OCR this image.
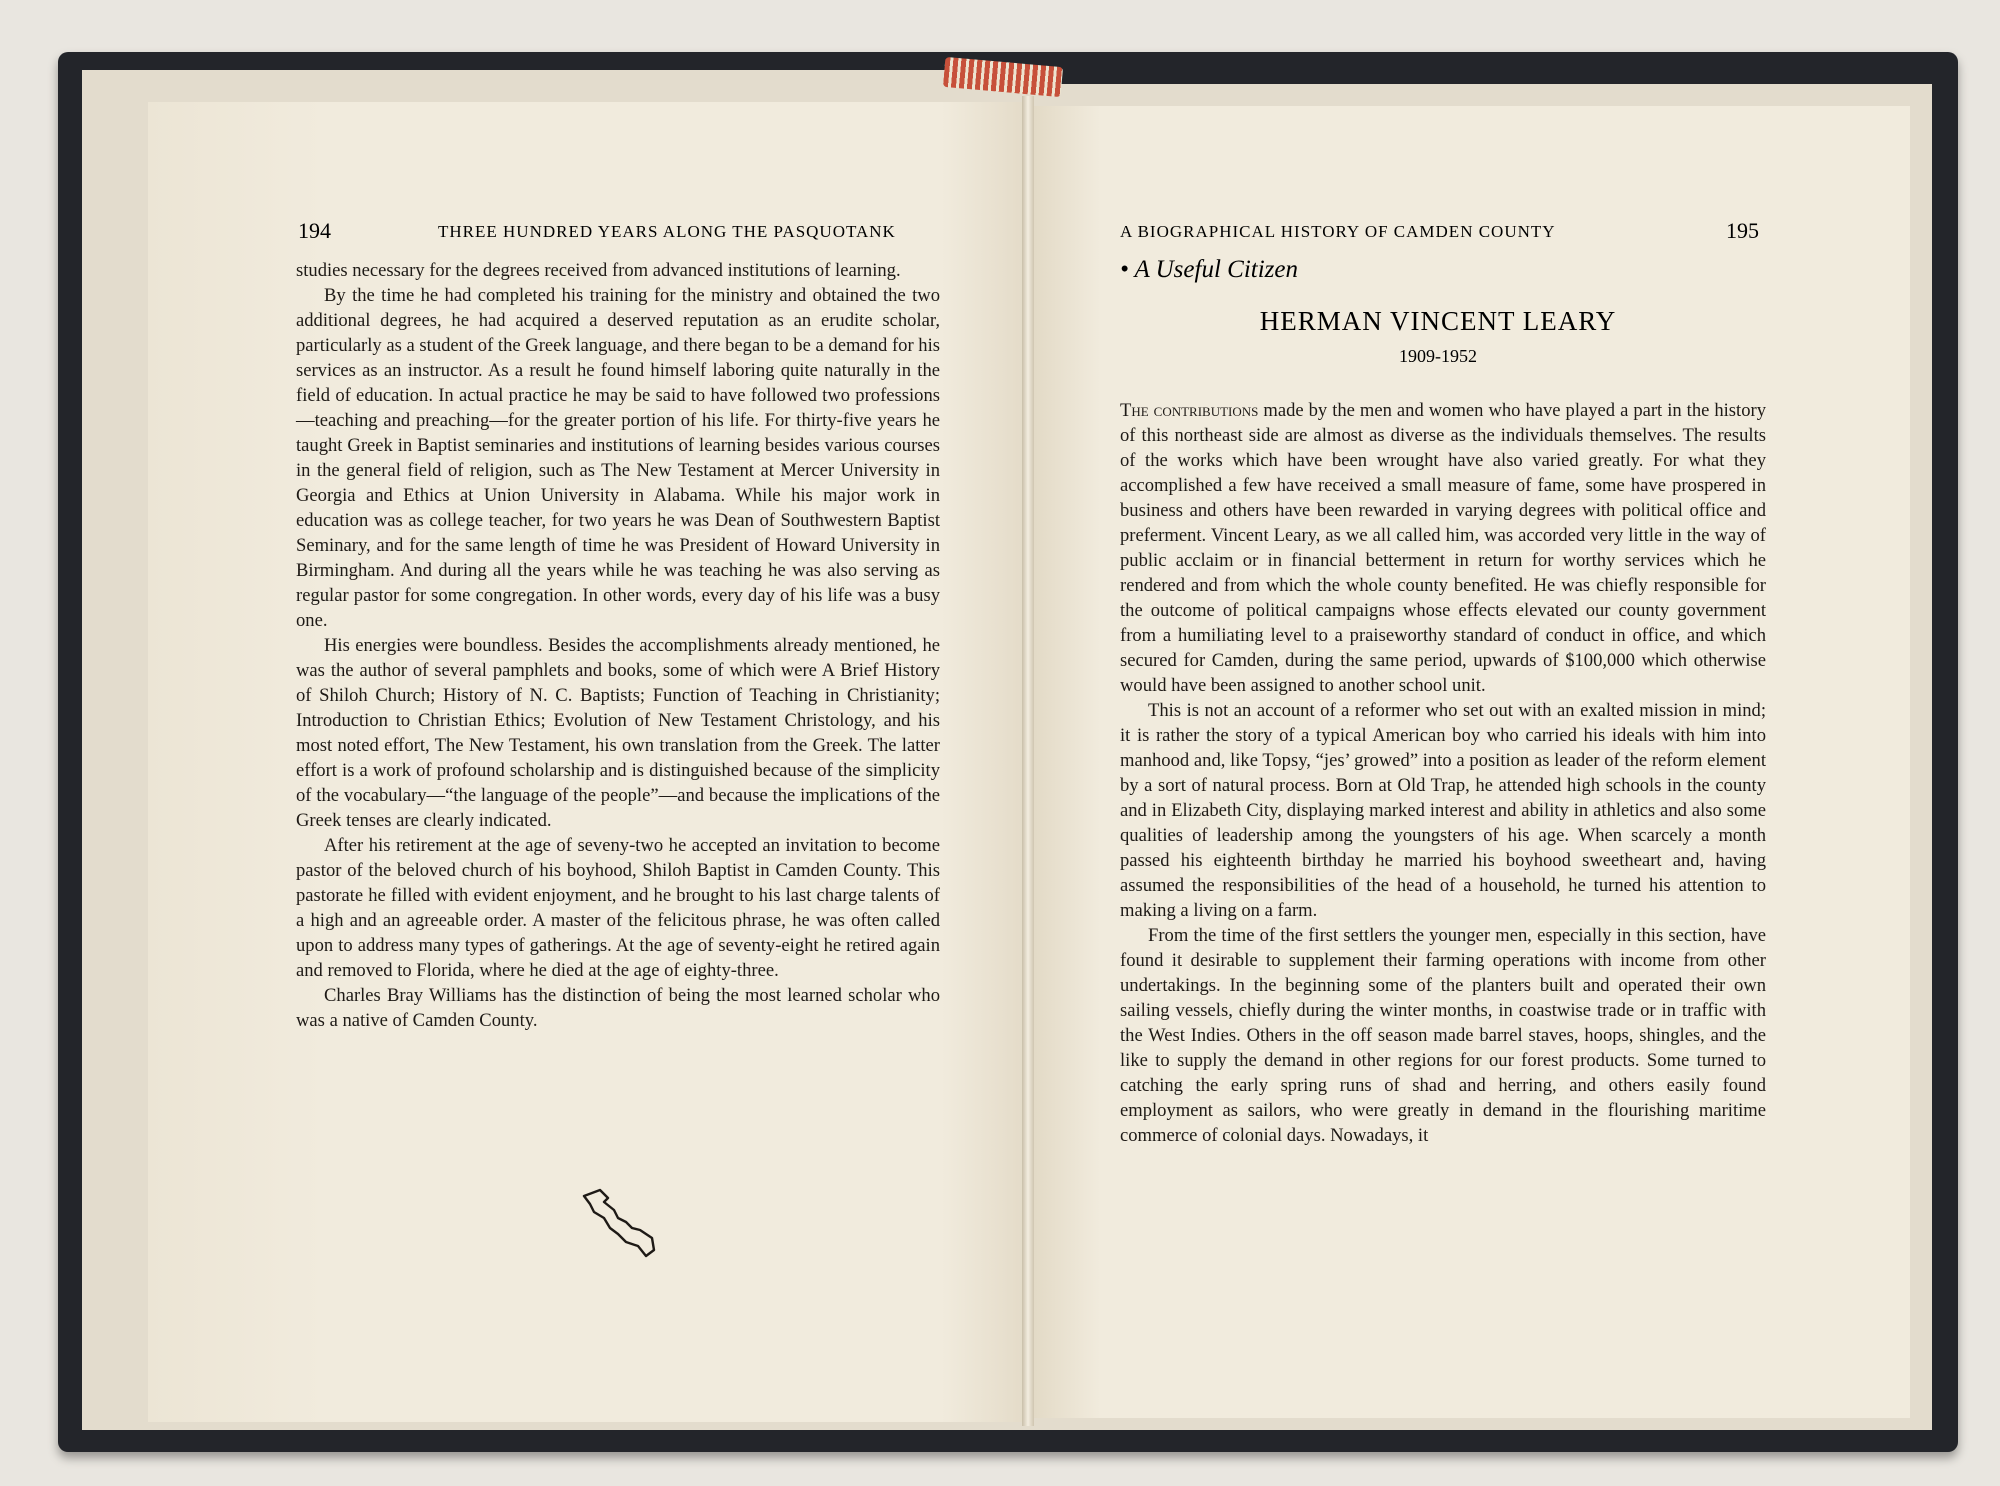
194	THREE HUNDRED YEARS ALONG THE PASQUOTANK

studies necessary for the degrees received from advanced institutions of learning.

By the time he had completed his training for the ministry and obtained the two additional degrees, he had acquired a deserved reputation as an erudite scholar, particularly as a student of the Greek language, and there began to be a demand for his services as an instructor. As a result he found himself laboring quite naturally in the field of education. In actual practice he may be said to have followed two professions—teaching and preaching—for the greater portion of his life. For thirty-five years he taught Greek in Baptist seminaries and institutions of learning besides various courses in the general field of religion, such as The New Testament at Mercer University in Georgia and Ethics at Union University in Alabama. While his major work in education was as college teacher, for two years he was Dean of Southwestern Baptist Seminary, and for the same length of time he was President of Howard University in Birmingham. And during all the years while he was teaching he was also serving as regular pastor for some congregation. In other words, every day of his life was a busy one.

His energies were boundless. Besides the accomplishments already mentioned, he was the author of several pamphlets and books, some of which were A Brief History of Shiloh Church; History of N. C. Baptists; Function of Teaching in Christianity; Introduction to Christian Ethics; Evolution of New Testament Christology, and his most noted effort, The New Testament, his own translation from the Greek. The latter effort is a work of profound scholarship and is distinguished because of the simplicity of the vocabulary—“the language of the people”—and because the implications of the Greek tenses are clearly indicated.

After his retirement at the age of seveny-two he accepted an invitation to become pastor of the beloved church of his boyhood, Shiloh Baptist in Camden County. This pastorate he filled with evident enjoyment, and he brought to his last charge talents of a high and an agreeable order. A master of the felicitous phrase, he was often called upon to address many types of gatherings. At the age of seventy-eight he retired again and removed to Florida, where he died at the age of eighty-three.

Charles Bray Williams has the distinction of being the most learned scholar who was a native of Camden County.

A BIOGRAPHICAL HISTORY OF CAMDEN COUNTY	195
• A Useful Citizen
HERMAN VINCENT LEARY
1909-1952

The contributions made by the men and women who have played a part in the history of this northeast side are almost as diverse as the individuals themselves. The results of the works which have been wrought have also varied greatly. For what they accomplished a few have received a small measure of fame, some have prospered in business and others have been rewarded in varying degrees with political office and preferment. Vincent Leary, as we all called him, was accorded very little in the way of public acclaim or in financial betterment in return for worthy services which he rendered and from which the whole county benefited. He was chiefly responsible for the outcome of political campaigns whose effects elevated our county government from a humiliating level to a praiseworthy standard of conduct in office, and which secured for Camden, during the same period, upwards of $100,000 which otherwise would have been assigned to another school unit.

This is not an account of a reformer who set out with an exalted mission in mind; it is rather the story of a typical American boy who carried his ideals with him into manhood and, like Topsy, “jes’ growed” into a position as leader of the reform element by a sort of natural process. Born at Old Trap, he attended high schools in the county and in Elizabeth City, displaying marked interest and ability in athletics and also some qualities of leadership among the youngsters of his age. When scarcely a month passed his eighteenth birthday he married his boyhood sweetheart and, having assumed the responsibilities of the head of a household, he turned his attention to making a living on a farm.

From the time of the first settlers the younger men, especially in this section, have found it desirable to supplement their farming operations with income from other undertakings. In the beginning some of the planters built and operated their own sailing vessels, chiefly during the winter months, in coastwise trade or in traffic with the West Indies. Others in the off season made barrel staves, hoops, shingles, and the like to supply the demand in other regions for our forest products. Some turned to catching the early spring runs of shad and herring, and others easily found employment as sailors, who were greatly in demand in the flourishing maritime commerce of colonial days. Nowadays, it
